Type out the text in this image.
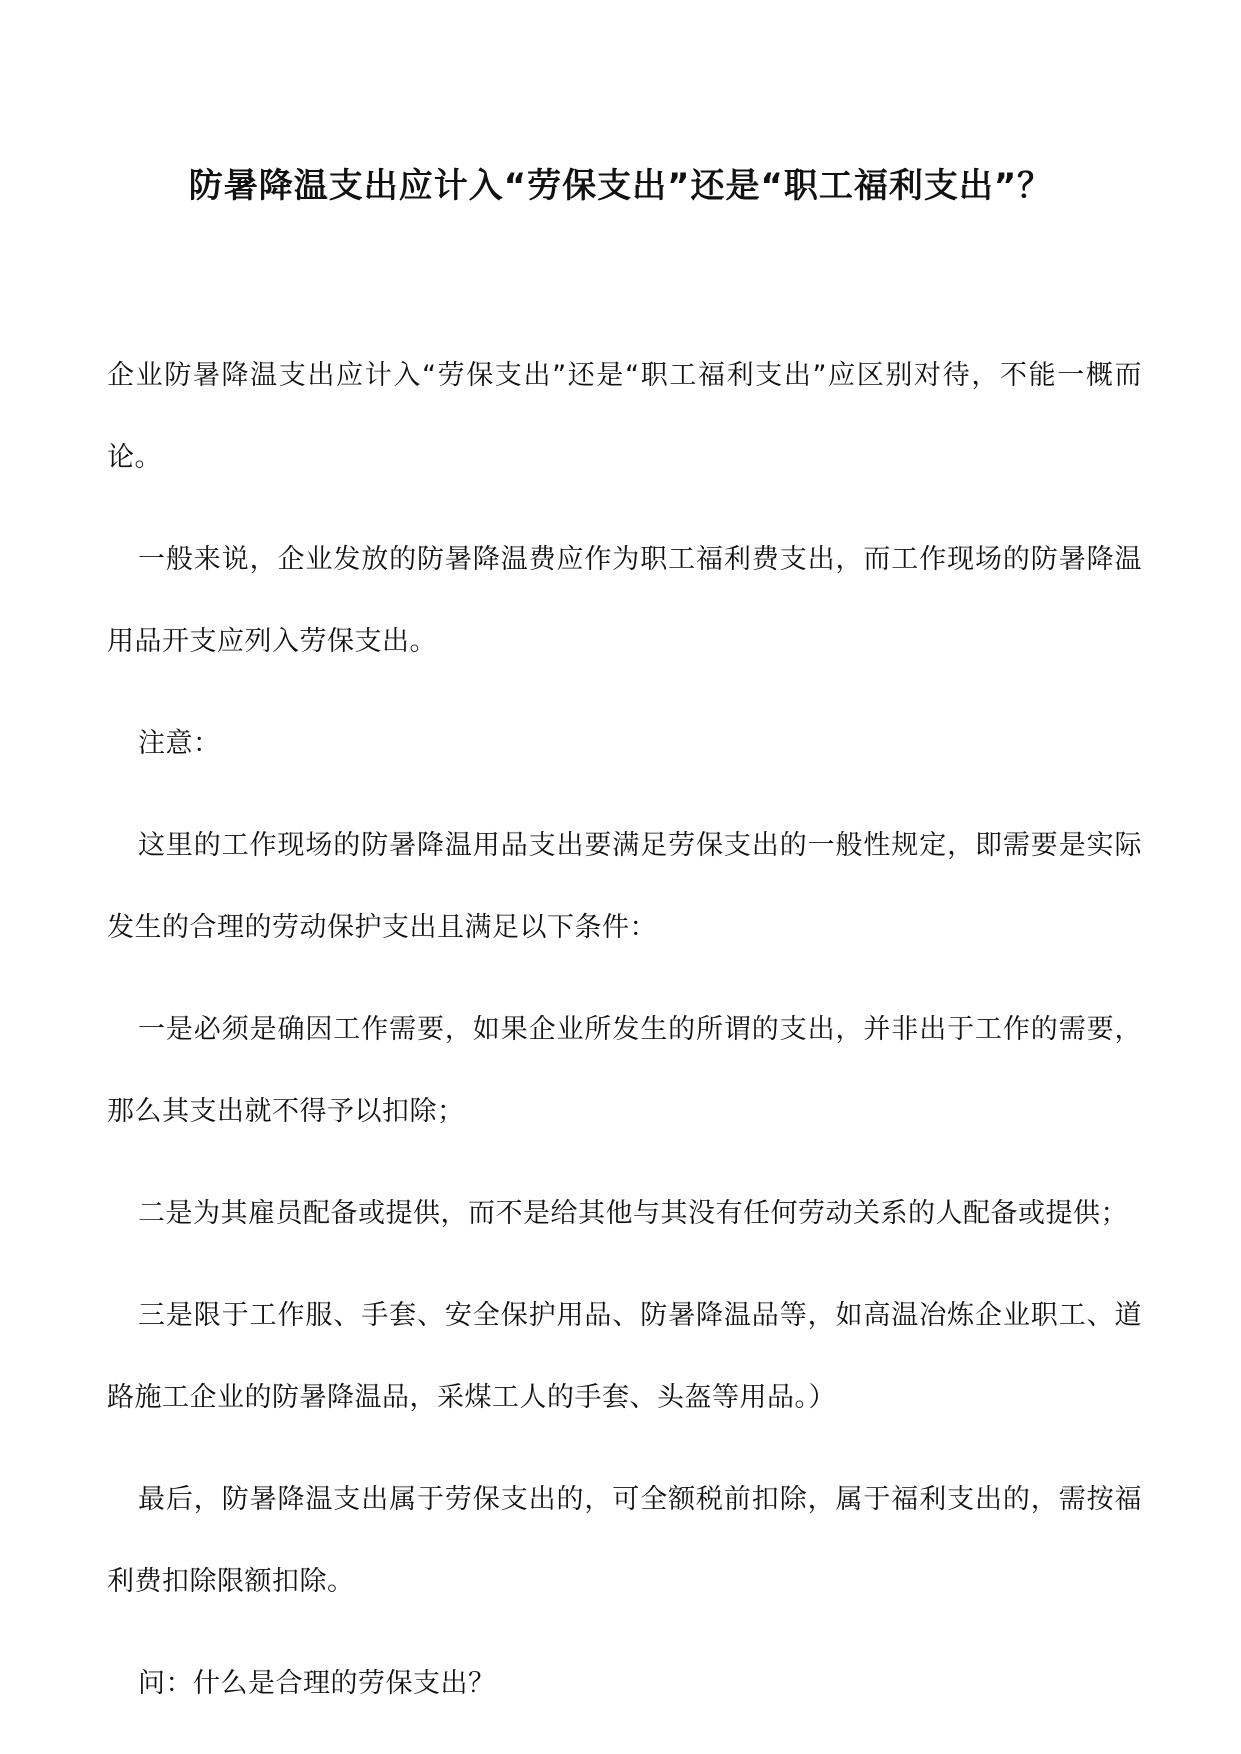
防暑降温支出应计入“劳保支出”还是“职工福利支出”？

企业防暑降温支出应计入“劳保支出”还是“职工福利支出”应区别对待，不能一概而论。

一般来说，企业发放的防暑降温费应作为职工福利费支出，而工作现场的防暑降温用品开支应列入劳保支出。

注意：

这里的工作现场的防暑降温用品支出要满足劳保支出的一般性规定，即需要是实际发生的合理的劳动保护支出且满足以下条件：

一是必须是确因工作需要，如果企业所发生的所谓的支出，并非出于工作的需要，那么其支出就不得予以扣除；

二是为其雇员配备或提供，而不是给其他与其没有任何劳动关系的人配备或提供；

三是限于工作服、手套、安全保护用品、防暑降温品等，如高温冶炼企业职工、道路施工企业的防暑降温品，采煤工人的手套、头盔等用品。）

最后，防暑降温支出属于劳保支出的，可全额税前扣除，属于福利支出的，需按福利费扣除限额扣除。

问：什么是合理的劳保支出？
